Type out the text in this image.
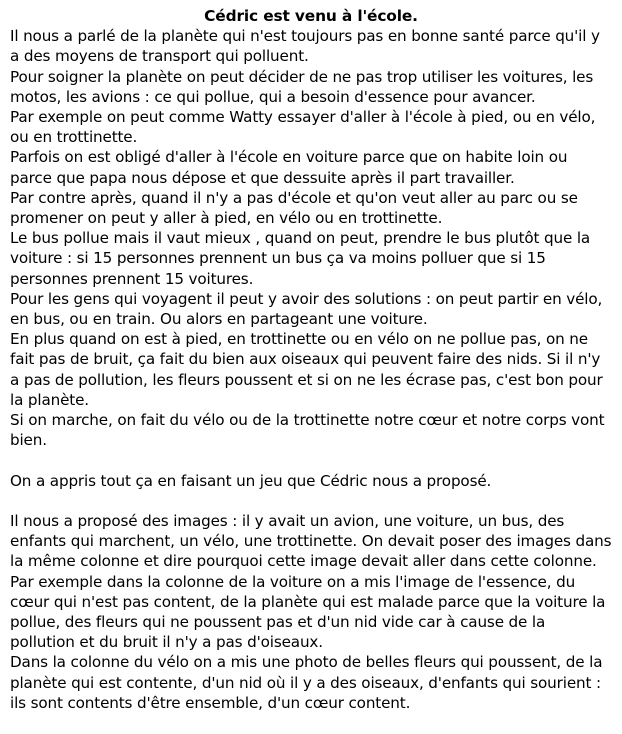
Cédric est venu à l'école.

Il nous a parlé de la planète qui n'est toujours pas en bonne santé parce qu'il y a des moyens de transport qui polluent.

Pour soigner la planète on peut décider de ne pas trop utiliser les voitures, les motos, les avions : ce qui pollue, qui a besoin d'essence pour avancer.

Par exemple on peut comme Watty essayer d'aller à l'école à pied, ou en vélo, ou en trottinette.

Parfois on est obligé d'aller à l'école en voiture parce que on habite loin ou parce que papa nous dépose et que dessuite après il part travailler.

Par contre après, quand il n'y a pas d'école et qu'on veut aller au parc ou se promener on peut y aller à pied, en vélo ou en trottinette.

Le bus pollue mais il vaut mieux , quand on peut, prendre le bus plutôt que la voiture : si 15 personnes prennent un bus ça va moins polluer que si 15 personnes prennent 15 voitures.

Pour les gens qui voyagent il peut y avoir des solutions : on peut partir en vélo, en bus, ou en train. Ou alors en partageant une voiture.

En plus quand on est à pied, en trottinette ou en vélo on ne pollue pas, on ne fait pas de bruit, ça fait du bien aux oiseaux qui peuvent faire des nids. Si il n'y a pas de pollution, les fleurs poussent et si on ne les écrase pas, c'est bon pour la planète.

Si on marche, on fait du vélo ou de la trottinette notre cœur et notre corps vont bien.

On a appris tout ça en faisant un jeu que Cédric nous a proposé.

Il nous a proposé des images : il y avait un avion, une voiture, un bus, des enfants qui marchent, un vélo, une trottinette. On devait poser des images dans la même colonne et dire pourquoi cette image devait aller dans cette colonne.

Par exemple dans la colonne de la voiture on a mis l'image de l'essence, du cœur qui n'est pas content, de la planète qui est malade parce que la voiture la pollue, des fleurs qui ne poussent pas et d'un nid vide car à cause de la pollution et du bruit il n'y a pas d'oiseaux.

Dans la colonne du vélo on a mis une photo de belles fleurs qui poussent, de la planète qui est contente, d'un nid où il y a des oiseaux, d'enfants qui sourient : ils sont contents d'être ensemble, d'un cœur content.
